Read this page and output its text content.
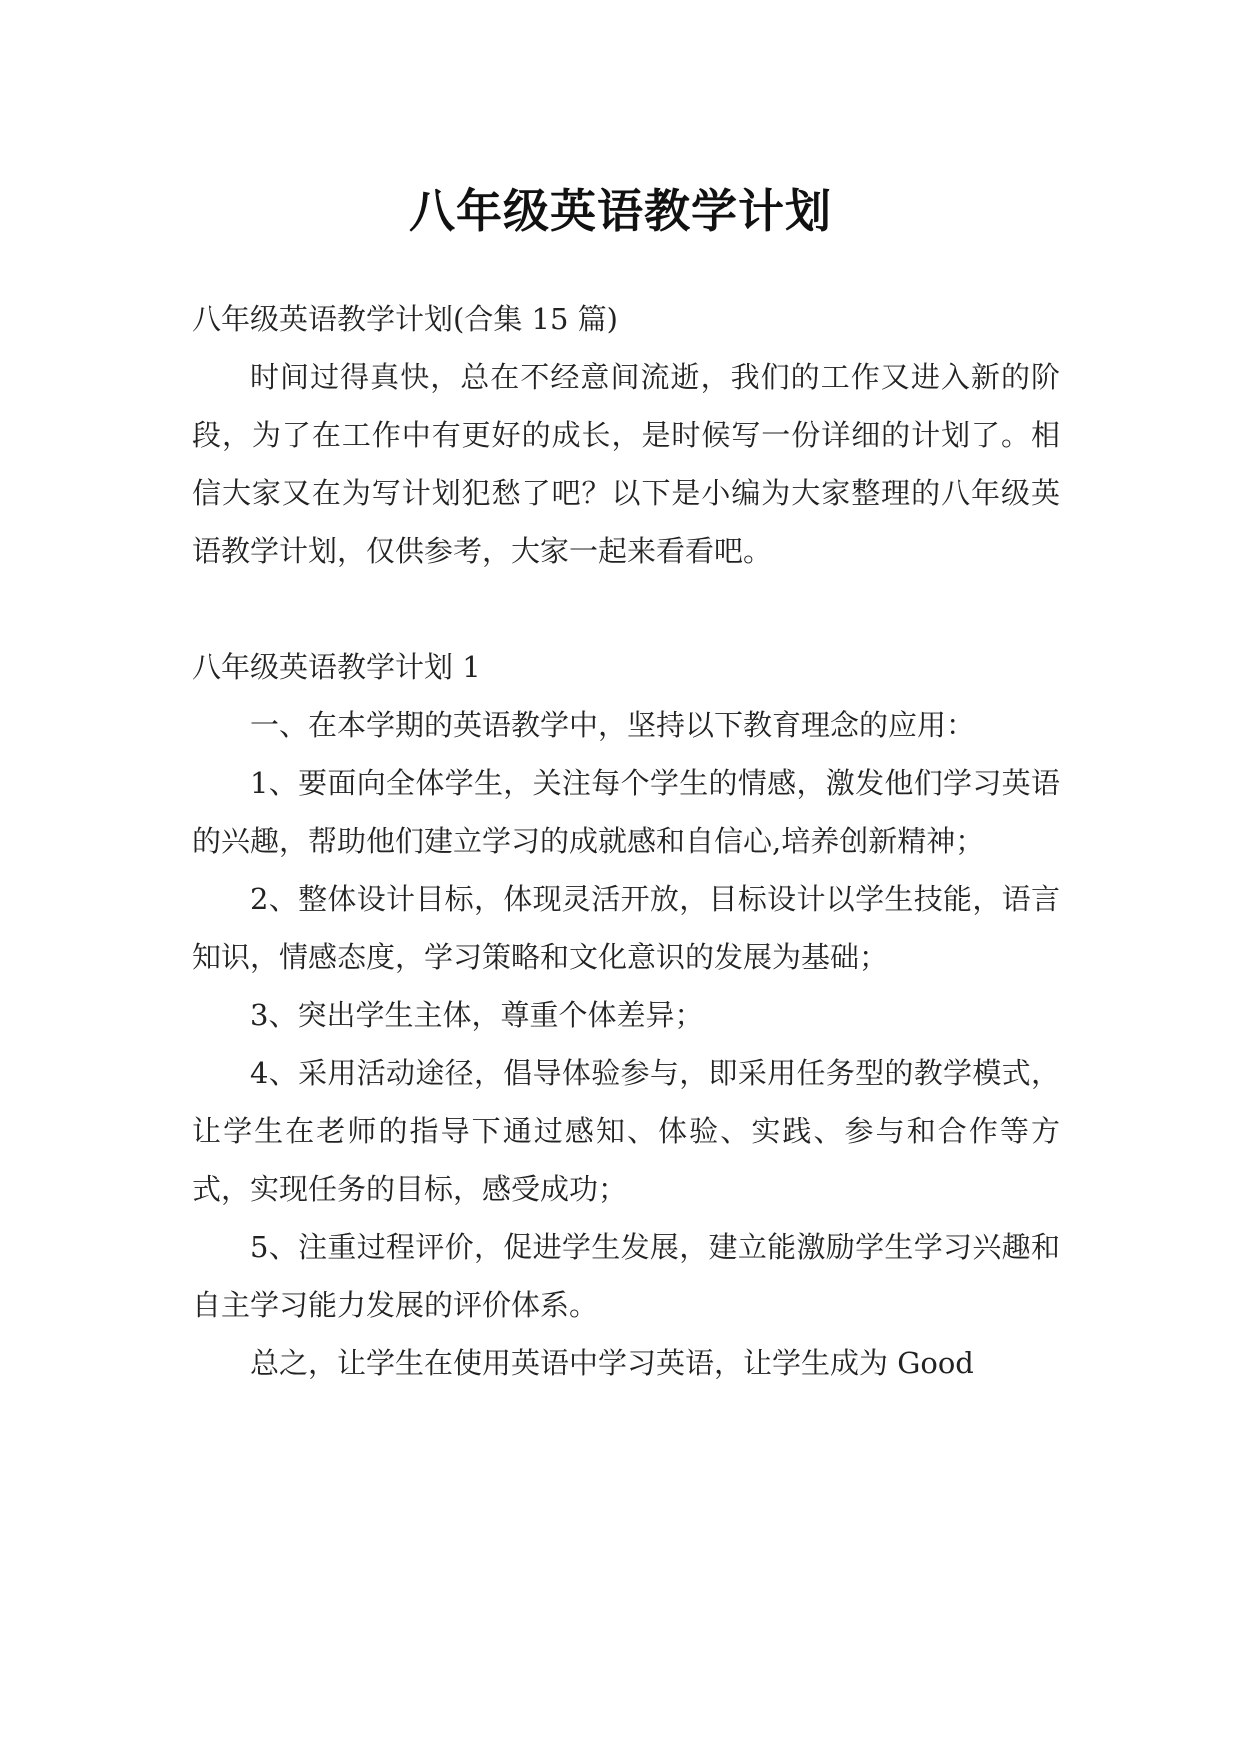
八年级英语教学计划

八年级英语教学计划(合集 15 篇)

时间过得真快，总在不经意间流逝，我们的工作又进入新的阶段，为了在工作中有更好的成长，是时候写一份详细的计划了。相信大家又在为写计划犯愁了吧？以下是小编为大家整理的八年级英语教学计划，仅供参考，大家一起来看看吧。

八年级英语教学计划 1

一、在本学期的英语教学中，坚持以下教育理念的应用：

1、要面向全体学生，关注每个学生的情感，激发他们学习英语的兴趣，帮助他们建立学习的成就感和自信心,培养创新精神；

2、整体设计目标，体现灵活开放，目标设计以学生技能，语言知识，情感态度，学习策略和文化意识的发展为基础；

3、突出学生主体，尊重个体差异；

4、采用活动途径，倡导体验参与，即采用任务型的教学模式，让学生在老师的指导下通过感知、体验、实践、参与和合作等方式，实现任务的目标，感受成功；

5、注重过程评价，促进学生发展，建立能激励学生学习兴趣和自主学习能力发展的评价体系。

总之，让学生在使用英语中学习英语，让学生成为 Good
